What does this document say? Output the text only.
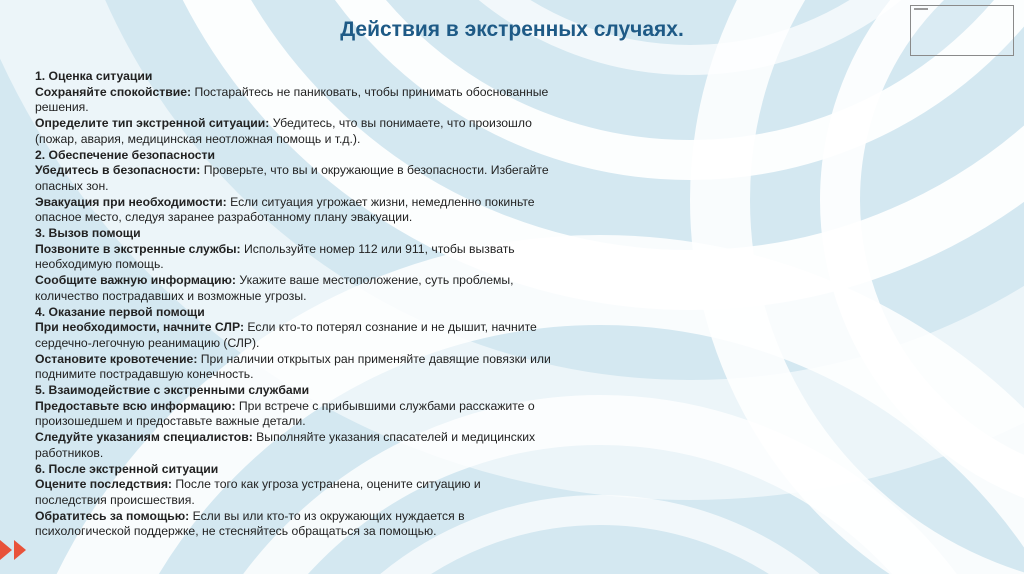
Действия в экстренных случаях.

1. Оценка ситуации

Сохраняйте спокойствие: Постарайтесь не паниковать, чтобы принимать обоснованные решения.

Определите тип экстренной ситуации: Убедитесь, что вы понимаете, что произошло (пожар, авария, медицинская неотложная помощь и т.д.).

2. Обеспечение безопасности

Убедитесь в безопасности: Проверьте, что вы и окружающие в безопасности. Избегайте опасных зон.

Эвакуация при необходимости: Если ситуация угрожает жизни, немедленно покиньте опасное место, следуя заранее разработанному плану эвакуации.

3. Вызов помощи

Позвоните в экстренные службы: Используйте номер 112 или 911, чтобы вызвать необходимую помощь.

Сообщите важную информацию: Укажите ваше местоположение, суть проблемы, количество пострадавших и возможные угрозы.

4. Оказание первой помощи

При необходимости, начните СЛР: Если кто-то потерял сознание и не дышит, начните сердечно-легочную реанимацию (СЛР).

Остановите кровотечение: При наличии открытых ран применяйте давящие повязки или поднимите пострадавшую конечность.

5. Взаимодействие с экстренными службами

Предоставьте всю информацию: При встрече с прибывшими службами расскажите о произошедшем и предоставьте важные детали.

Следуйте указаниям специалистов: Выполняйте указания спасателей и медицинских работников.

6. После экстренной ситуации

Оцените последствия: После того как угроза устранена, оцените ситуацию и последствия происшествия.

Обратитесь за помощью: Если вы или кто-то из окружающих нуждается в психологической поддержке, не стесняйтесь обращаться за помощью.
